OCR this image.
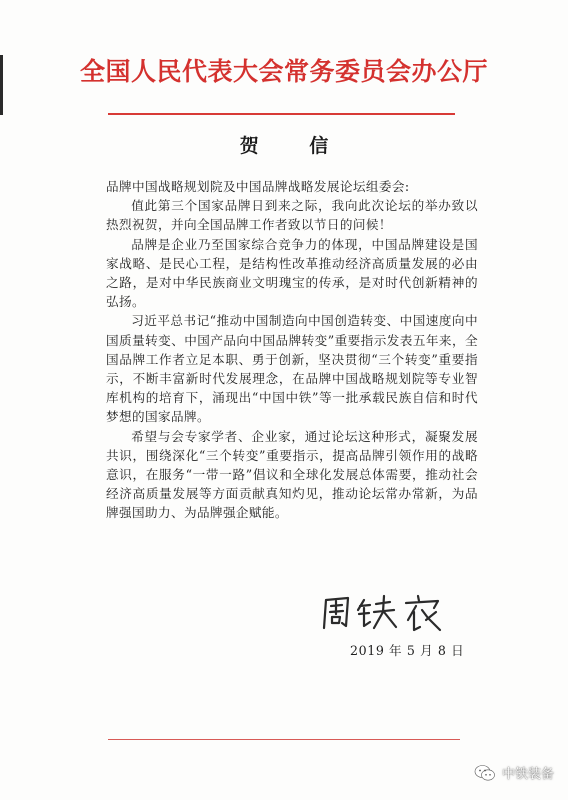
全国人民代表大会常务委员会办公厅
贺 信

品牌中国战略规划院及中国品牌战略发展论坛组委会:

值此第三个国家品牌日到来之际，我向此次论坛的举办致以热烈祝贺，并向全国品牌工作者致以节日的问候！

品牌是企业乃至国家综合竞争力的体现，中国品牌建设是国家战略、是民心工程，是结构性改革推动经济高质量发展的必由之路，是对中华民族商业文明瑰宝的传承，是对时代创新精神的弘扬。

习近平总书记“推动中国制造向中国创造转变、中国速度向中国质量转变、中国产品向中国品牌转变”重要指示发表五年来，全国品牌工作者立足本职、勇于创新，坚决贯彻“三个转变”重要指示，不断丰富新时代发展理念，在品牌中国战略规划院等专业智库机构的培育下，涌现出“中国中铁”等一批承载民族自信和时代梦想的国家品牌。

希望与会专家学者、企业家，通过论坛这种形式，凝聚发展共识，围绕深化“三个转变”重要指示，提高品牌引领作用的战略意识，在服务“一带一路”倡议和全球化发展总体需要，推动社会经济高质量发展等方面贡献真知灼见，推动论坛常办常新，为品牌强国助力、为品牌强企赋能。

2019 年 5 月 8 日
中铁装备
